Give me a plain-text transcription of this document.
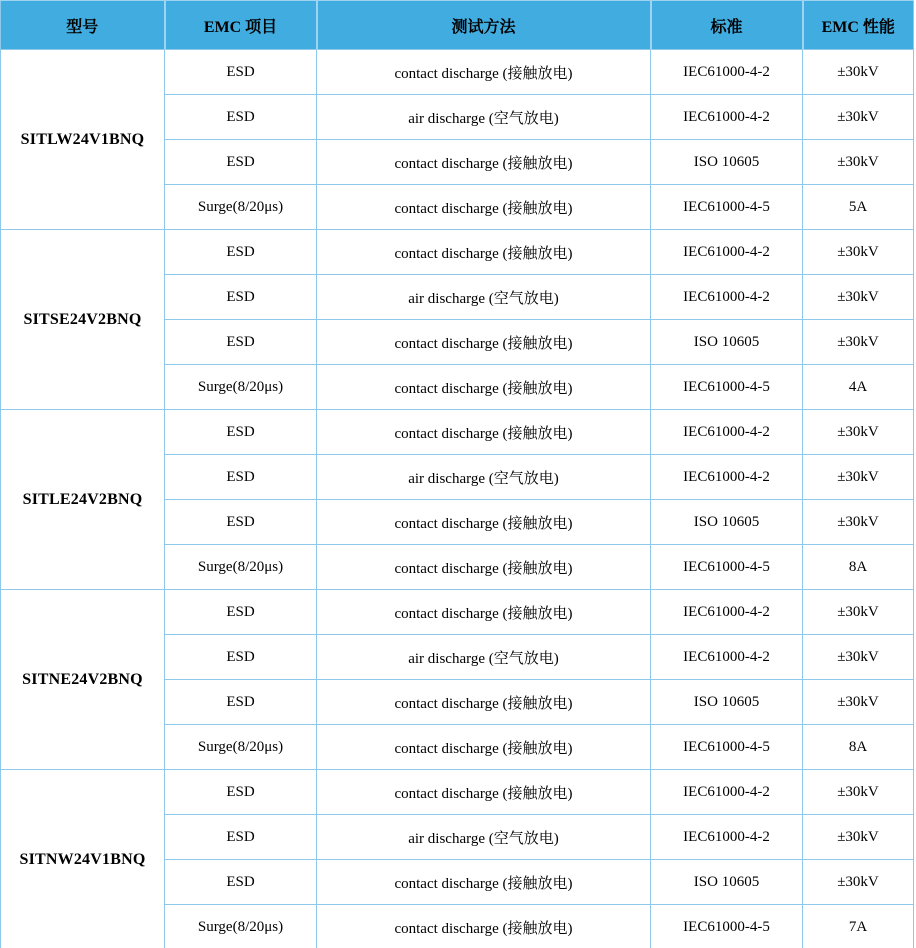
型号	EMC 项目	测试方法	标准	EMC 性能
SITLW24V1BNQ	ESD	contact discharge (接触放电)	IEC61000-4-2	±30kV
	ESD	air discharge (空气放电)	IEC61000-4-2	±30kV
	ESD	contact discharge (接触放电)	ISO 10605	±30kV
	Surge(8/20μs)	contact discharge (接触放电)	IEC61000-4-5	5A
SITSE24V2BNQ	ESD	contact discharge (接触放电)	IEC61000-4-2	±30kV
	ESD	air discharge (空气放电)	IEC61000-4-2	±30kV
	ESD	contact discharge (接触放电)	ISO 10605	±30kV
	Surge(8/20μs)	contact discharge (接触放电)	IEC61000-4-5	4A
SITLE24V2BNQ	ESD	contact discharge (接触放电)	IEC61000-4-2	±30kV
	ESD	air discharge (空气放电)	IEC61000-4-2	±30kV
	ESD	contact discharge (接触放电)	ISO 10605	±30kV
	Surge(8/20μs)	contact discharge (接触放电)	IEC61000-4-5	8A
SITNE24V2BNQ	ESD	contact discharge (接触放电)	IEC61000-4-2	±30kV
	ESD	air discharge (空气放电)	IEC61000-4-2	±30kV
	ESD	contact discharge (接触放电)	ISO 10605	±30kV
	Surge(8/20μs)	contact discharge (接触放电)	IEC61000-4-5	8A
SITNW24V1BNQ	ESD	contact discharge (接触放电)	IEC61000-4-2	±30kV
	ESD	air discharge (空气放电)	IEC61000-4-2	±30kV
	ESD	contact discharge (接触放电)	ISO 10605	±30kV
	Surge(8/20μs)	contact discharge (接触放电)	IEC61000-4-5	7A
